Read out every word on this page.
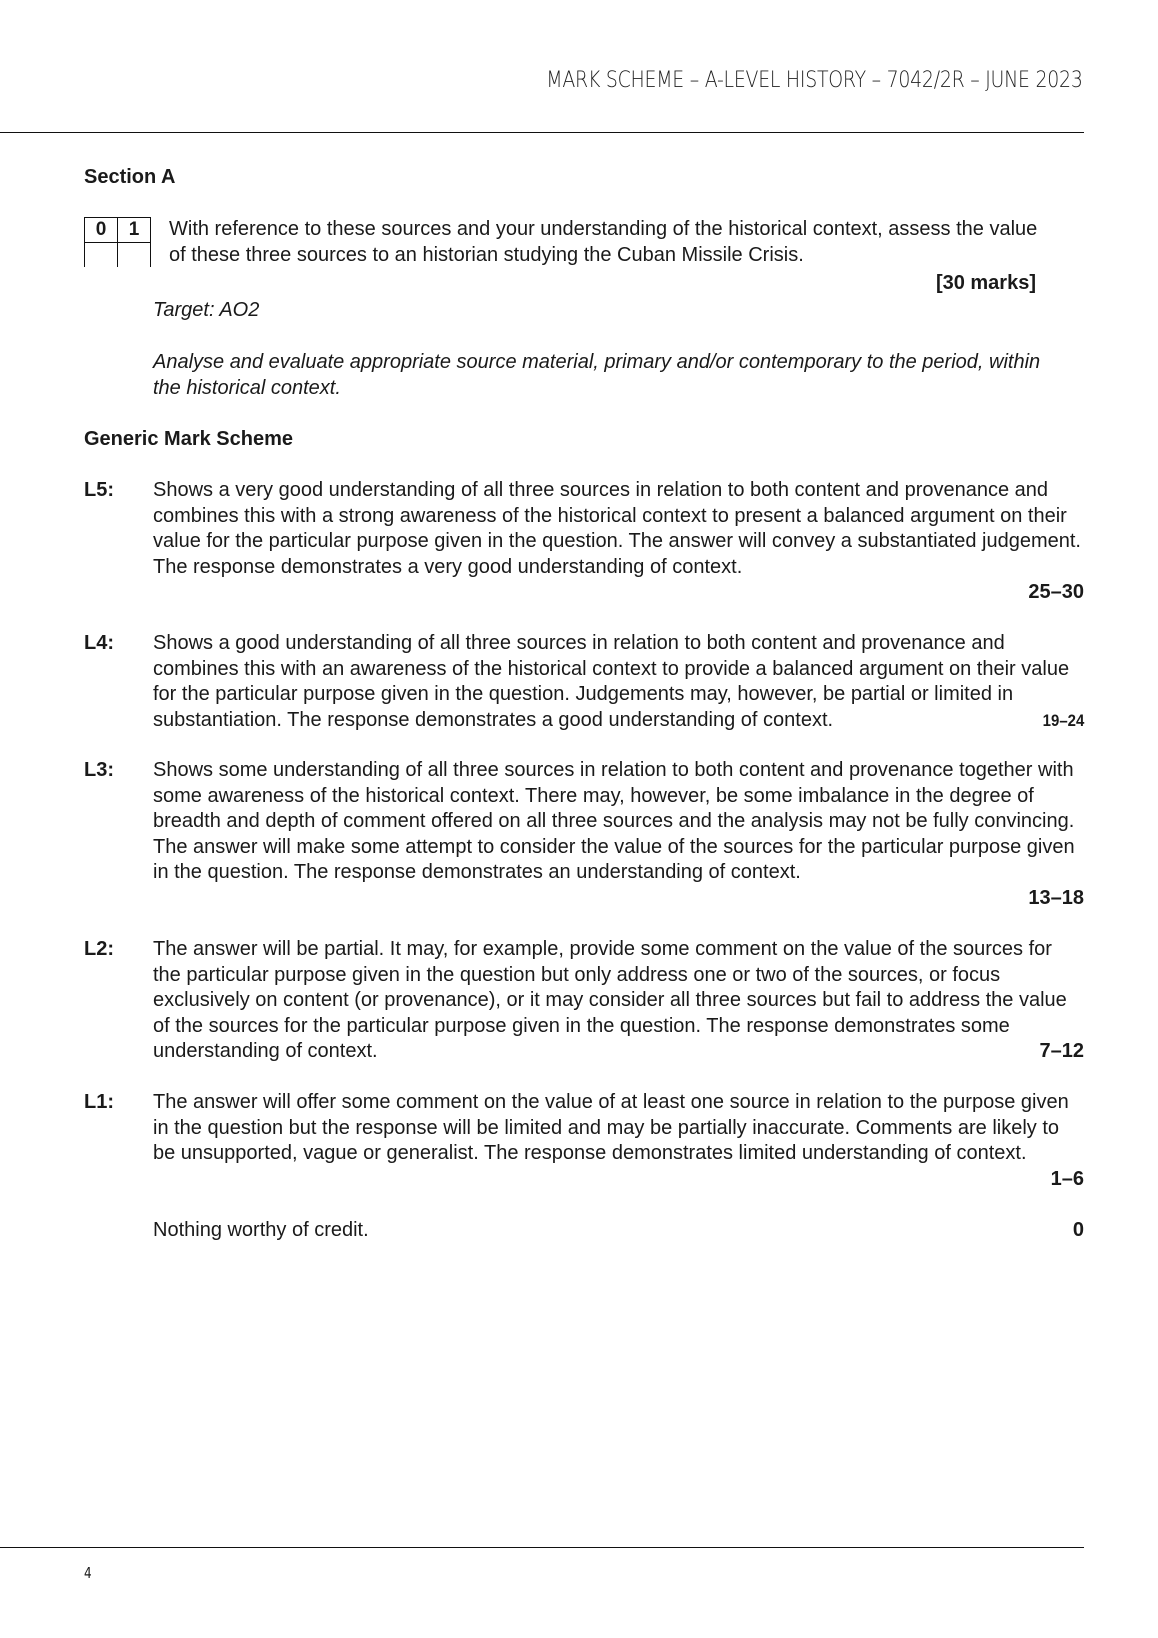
MARK SCHEME – A-LEVEL HISTORY – 7042/2R – JUNE 2023
Section A
0	1
	With reference to these sources and your understanding of the historical context, assess the value of these three sources to an historian studying the Cuban Missile Crisis.
[30 marks]
Target: AO2
Analyse and evaluate appropriate source material, primary and/or contemporary to the period, within the historical context.
Generic Mark Scheme
L5: Shows a very good understanding of all three sources in relation to both content and provenance and combines this with a strong awareness of the historical context to present a balanced argument on their value for the particular purpose given in the question. The answer will convey a substantiated judgement. The response demonstrates a very good understanding of context.
25–30
L4: Shows a good understanding of all three sources in relation to both content and provenance and combines this with an awareness of the historical context to provide a balanced argument on their value for the particular purpose given in the question. Judgements may, however, be partial or limited in substantiation. The response demonstrates a good understanding of context.	19–24
L3: Shows some understanding of all three sources in relation to both content and provenance together with some awareness of the historical context. There may, however, be some imbalance in the degree of breadth and depth of comment offered on all three sources and the analysis may not be fully convincing. The answer will make some attempt to consider the value of the sources for the particular purpose given in the question. The response demonstrates an understanding of context.
13–18
L2: The answer will be partial. It may, for example, provide some comment on the value of the sources for the particular purpose given in the question but only address one or two of the sources, or focus exclusively on content (or provenance), or it may consider all three sources but fail to address the value of the sources for the particular purpose given in the question. The response demonstrates some understanding of context.	7–12
L1: The answer will offer some comment on the value of at least one source in relation to the purpose given in the question but the response will be limited and may be partially inaccurate. Comments are likely to be unsupported, vague or generalist. The response demonstrates limited understanding of context.
1–6
Nothing worthy of credit.	0
4
